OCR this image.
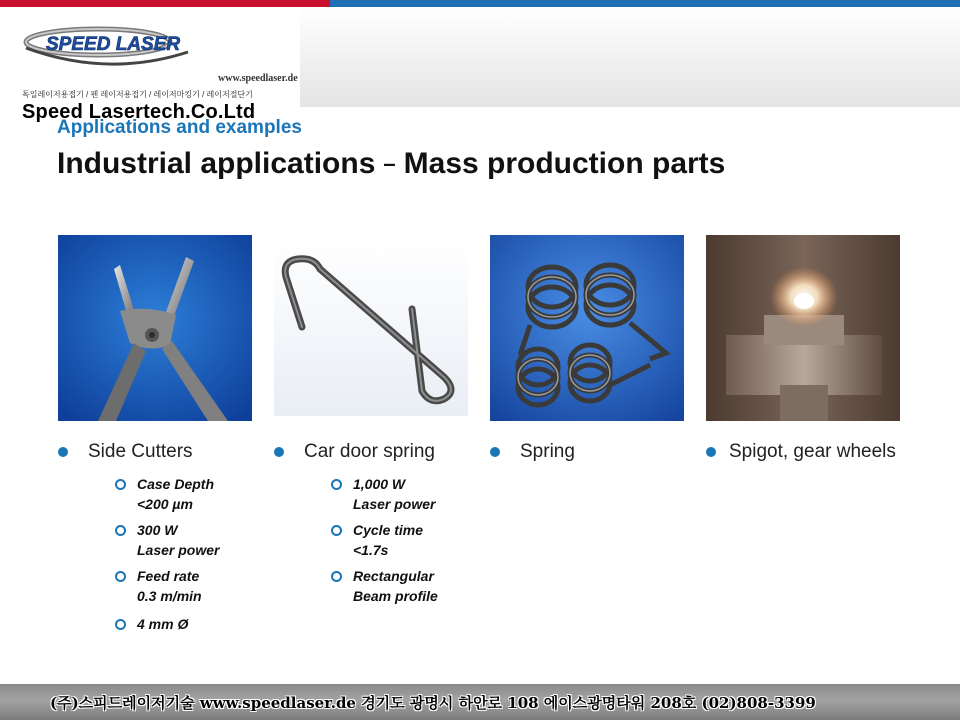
SPEED LASER
www.speedlaser.de
독일레이저용접기 / 펜 레이저용접기 / 레이저마킹기 / 레이저절단기
Speed Lasertech.Co.Ltd
Applications and examples
Industrial applications – Mass production parts
Side Cutters
Case Depth
<200 µm
300 W
Laser power
Feed rate
0.3 m/min
4 mm Ø
Car door spring
1,000 W
Laser power
Cycle time
<1.7s
Rectangular
Beam profile
Spring	Spigot, gear wheels
(주)스피드레이저기술 www.speedlaser.de 경기도 광명시 하안로 108 에이스광명타워 208호 (02)808-3399
